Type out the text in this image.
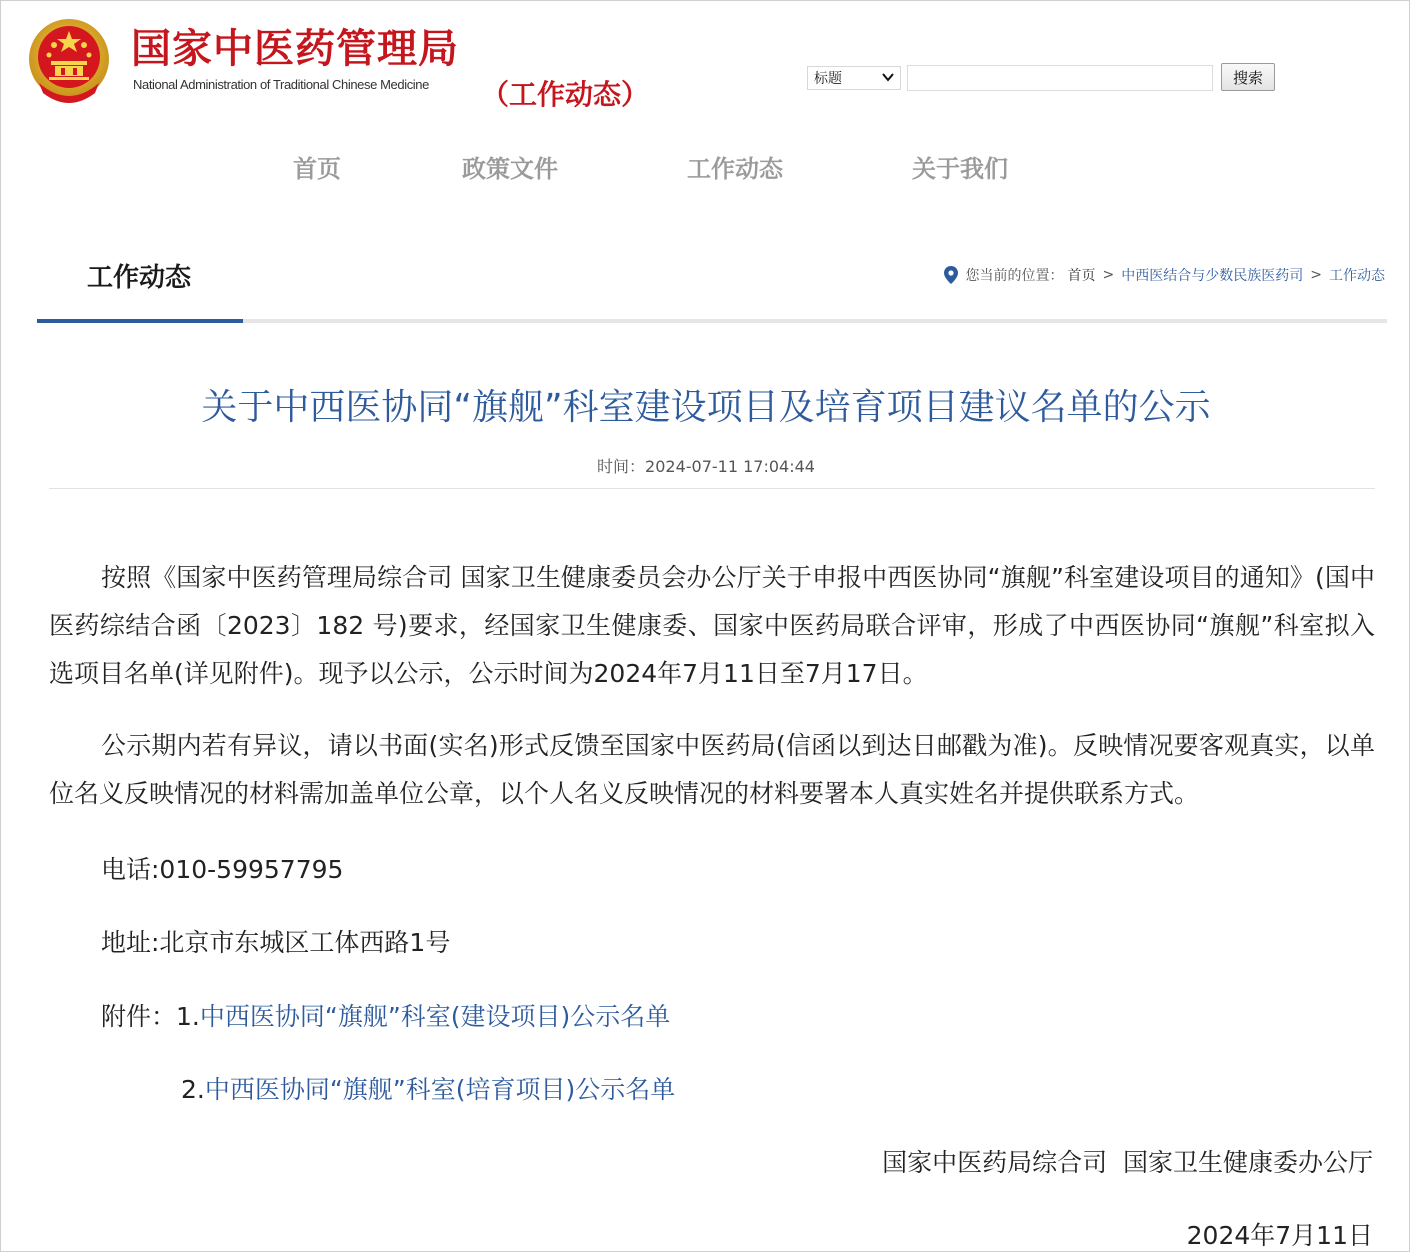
国家中医药管理局
National Administration of Traditional Chinese Medicine （工作动态）	标题	搜索
首页	政策文件	工作动态	关于我们
工作动态	您当前的位置： 首页 > 中西医结合与少数民族医药司 > 工作动态
关于中西医协同“旗舰”科室建设项目及培育项目建议名单的公示
时间：2024-07-11 17:04:44

按照《国家中医药管理局综合司 国家卫生健康委员会办公厅关于申报中西医协同“旗舰”科室建设项目的通知》(国中医药综结合函〔2023〕182 号)要求，经国家卫生健康委、国家中医药局联合评审，形成了中西医协同“旗舰”科室拟入选项目名单(详见附件)。现予以公示，公示时间为2024年7月11日至7月17日。

公示期内若有异议，请以书面(实名)形式反馈至国家中医药局(信函以到达日邮戳为准)。反映情况要客观真实，以单位名义反映情况的材料需加盖单位公章，以个人名义反映情况的材料要署本人真实姓名并提供联系方式。

电话:010-59957795
地址:北京市东城区工体西路1号
附件：1.中西医协同“旗舰”科室(建设项目)公示名单
2.中西医协同“旗舰”科室(培育项目)公示名单
国家中医药局综合司  国家卫生健康委办公厅
2024年7月11日
